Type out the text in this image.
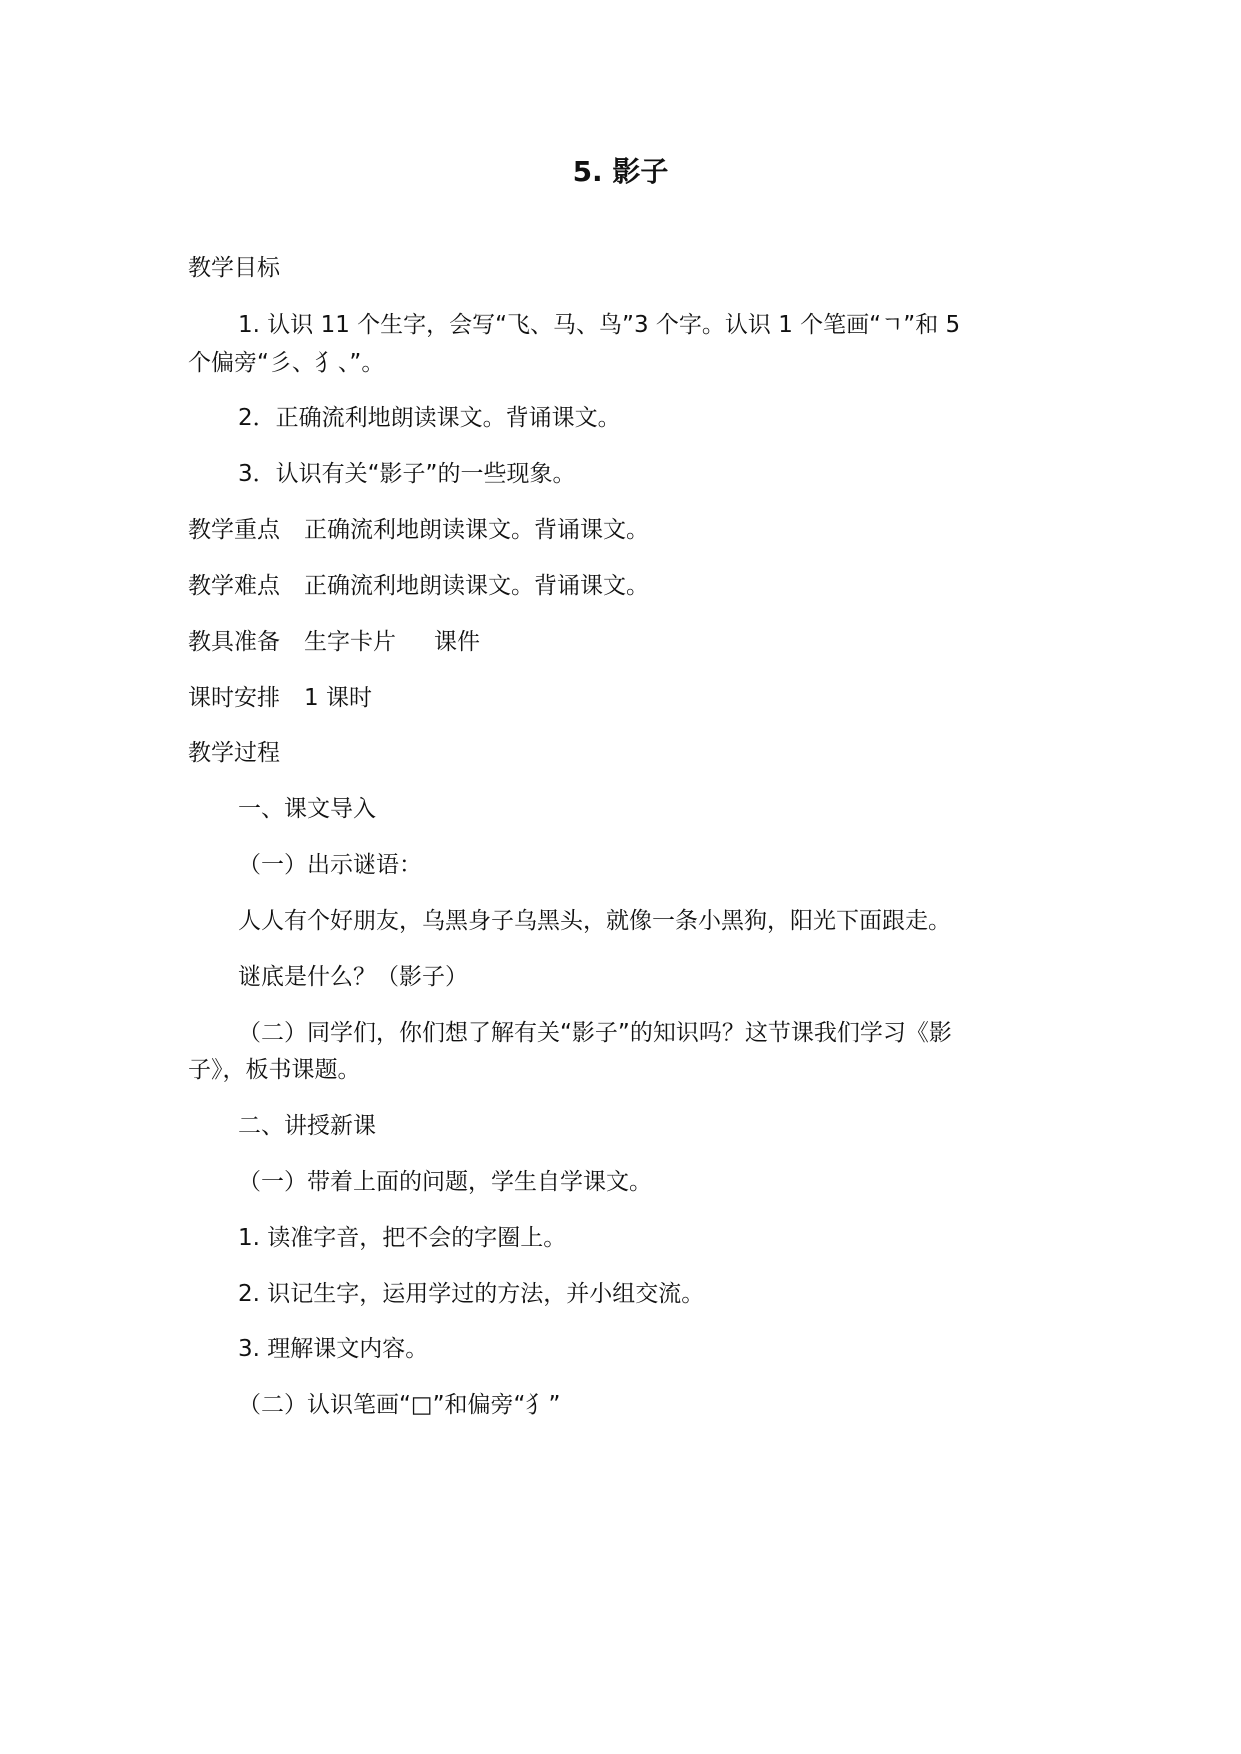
5. 影子

教学目标

1. 认识 11 个生字，会写“飞、马、鸟”3 个字。认识 1 个笔画“ㄱ”和 5

个偏旁“彡、犭、”。

2．正确流利地朗读课文。背诵课文。

3．认识有关“影子”的一些现象。

教学重点 正确流利地朗读课文。背诵课文。

教学难点 正确流利地朗读课文。背诵课文。

教具准备 生字卡片 课件

课时安排 1 课时

教学过程

一、课文导入

（一）出示谜语：

人人有个好朋友，乌黑身子乌黑头，就像一条小黑狗，阳光下面跟走。

谜底是什么？（影子）

（二）同学们，你们想了解有关“影子”的知识吗？这节课我们学习《影

子》，板书课题。

二、讲授新课

（一）带着上面的问题，学生自学课文。

1. 读准字音，把不会的字圈上。

2. 识记生字，运用学过的方法，并小组交流。

3. 理解课文内容。

（二）认识笔画“□”和偏旁“犭”
